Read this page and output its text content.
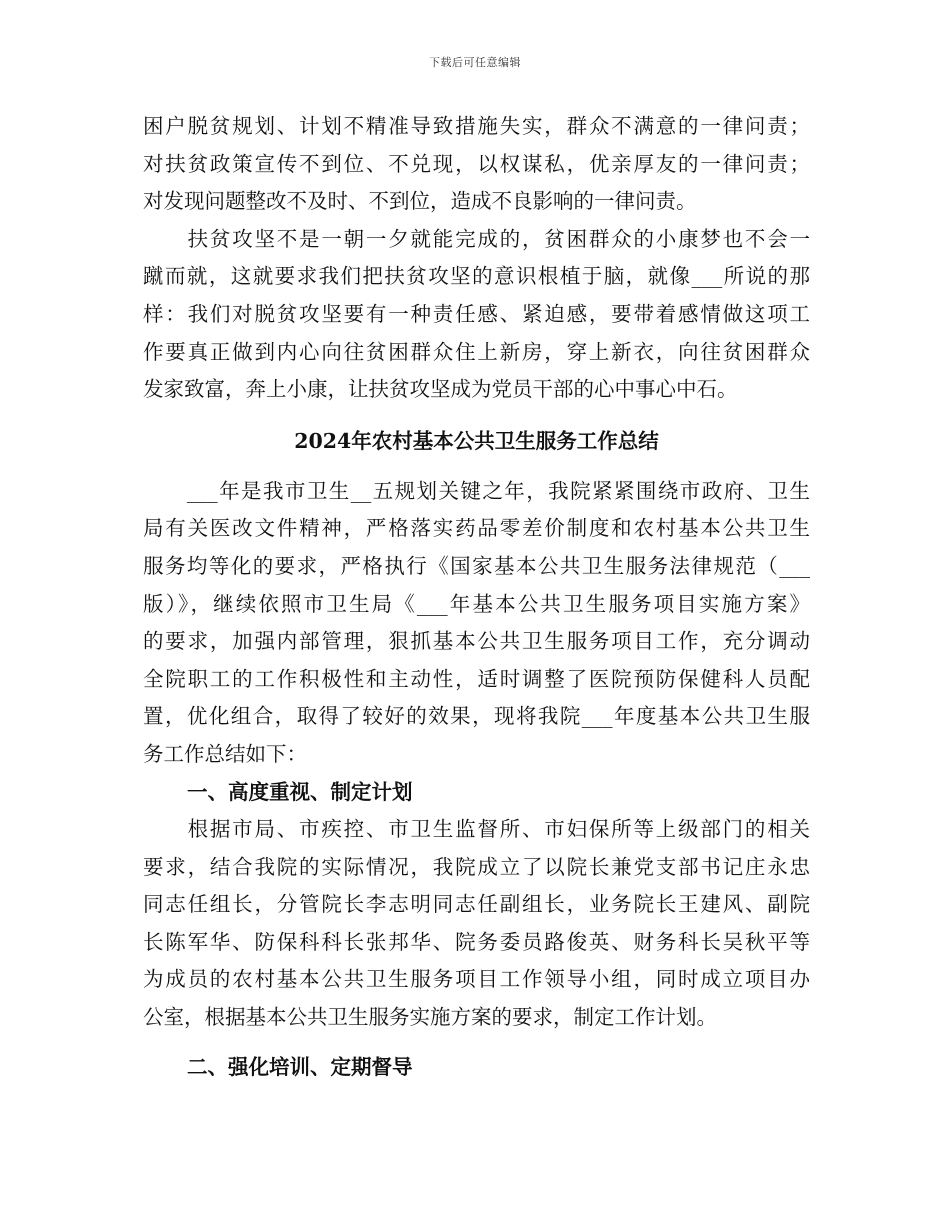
下载后可任意编辑
困户脱贫规划、计划不精准导致措施失实，群众不满意的一律问责；
对扶贫政策宣传不到位、不兑现，以权谋私，优亲厚友的一律问责；
对发现问题整改不及时、不到位，造成不良影响的一律问责。
　　扶贫攻坚不是一朝一夕就能完成的，贫困群众的小康梦也不会一
蹴而就，这就要求我们把扶贫攻坚的意识根植于脑，就像___所说的那
样：我们对脱贫攻坚要有一种责任感、紧迫感，要带着感情做这项工
作要真正做到内心向往贫困群众住上新房，穿上新衣，向往贫困群众
发家致富，奔上小康，让扶贫攻坚成为党员干部的心中事心中石。
2024年农村基本公共卫生服务工作总结
　　___年是我市卫生__五规划关键之年，我院紧紧围绕市政府、卫生
局有关医改文件精神，严格落实药品零差价制度和农村基本公共卫生
服务均等化的要求，严格执行《国家基本公共卫生服务法律规范（___
版）》，继续依照市卫生局《___年基本公共卫生服务项目实施方案》
的要求，加强内部管理，狠抓基本公共卫生服务项目工作，充分调动
全院职工的工作积极性和主动性，适时调整了医院预防保健科人员配
置，优化组合，取得了较好的效果，现将我院___年度基本公共卫生服
务工作总结如下：
一、高度重视、制定计划
　　根据市局、市疾控、市卫生监督所、市妇保所等上级部门的相关
要求，结合我院的实际情况，我院成立了以院长兼党支部书记庄永忠
同志任组长，分管院长李志明同志任副组长，业务院长王建风、副院
长陈军华、防保科科长张邦华、院务委员路俊英、财务科长吴秋平等
为成员的农村基本公共卫生服务项目工作领导小组，同时成立项目办
公室，根据基本公共卫生服务实施方案的要求，制定工作计划。
二、强化培训、定期督导
